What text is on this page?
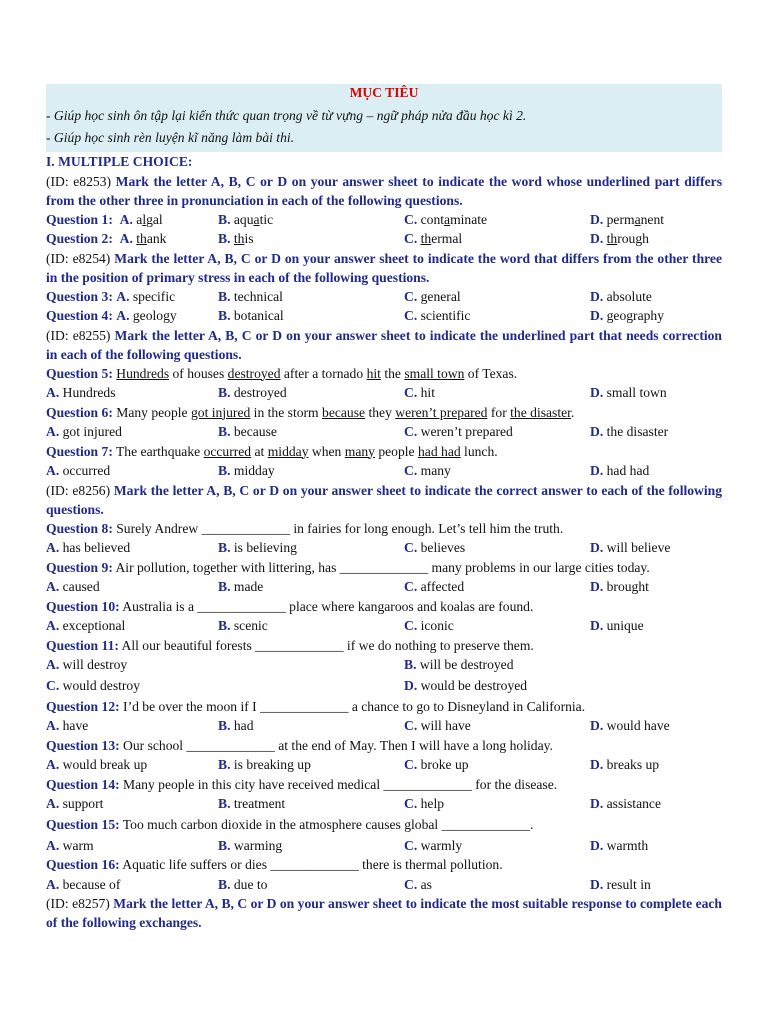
MỤC TIÊU
- Giúp học sinh ôn tập lại kiến thức quan trọng về từ vựng – ngữ pháp nửa đầu học kì 2.
- Giúp học sinh rèn luyện kĩ năng làm bài thi.
I. MULTIPLE CHOICE:
(ID: e8253) Mark the letter A, B, C or D on your answer sheet to indicate the word whose underlined part differs from the other three in pronunciation in each of the following questions.
Question 1: A. algal	B. aquatic	C. contaminate	D. permanent
Question 2: A. thank	B. this	C. thermal	D. through
(ID: e8254) Mark the letter A, B, C or D on your answer sheet to indicate the word that differs from the other three in the position of primary stress in each of the following questions.
Question 3: A. specific	B. technical	C. general	D. absolute
Question 4: A. geology	B. botanical	C. scientific	D. geography
(ID: e8255) Mark the letter A, B, C or D on your answer sheet to indicate the underlined part that needs correction in each of the following questions.
Question 5: Hundreds of houses destroyed after a tornado hit the small town of Texas.
A. Hundreds	B. destroyed	C. hit	D. small town
Question 6: Many people got injured in the storm because they weren’t prepared for the disaster.
A. got injured	B. because	C. weren’t prepared	D. the disaster
Question 7: The earthquake occurred at midday when many people had had lunch.
A. occurred	B. midday	C. many	D. had had
(ID: e8256) Mark the letter A, B, C or D on your answer sheet to indicate the correct answer to each of the following questions.
Question 8: Surely Andrew _____________ in fairies for long enough. Let’s tell him the truth.
A. has believed	B. is believing	C. believes	D. will believe
Question 9: Air pollution, together with littering, has _____________ many problems in our large cities today.
A. caused	B. made	C. affected	D. brought
Question 10: Australia is a _____________ place where kangaroos and koalas are found.
A. exceptional	B. scenic	C. iconic	D. unique
Question 11: All our beautiful forests _____________ if we do nothing to preserve them.
A. will destroy	B. will be destroyed
C. would destroy	D. would be destroyed
Question 12: I’d be over the moon if I _____________ a chance to go to Disneyland in California.
A. have	B. had	C. will have	D. would have
Question 13: Our school _____________ at the end of May. Then I will have a long holiday.
A. would break up	B. is breaking up	C. broke up	D. breaks up
Question 14: Many people in this city have received medical _____________ for the disease.
A. support	B. treatment	C. help	D. assistance
Question 15: Too much carbon dioxide in the atmosphere causes global _____________.
A. warm	B. warming	C. warmly	D. warmth
Question 16: Aquatic life suffers or dies _____________ there is thermal pollution.
A. because of	B. due to	C. as	D. result in
(ID: e8257) Mark the letter A, B, C or D on your answer sheet to indicate the most suitable response to complete each of the following exchanges.
